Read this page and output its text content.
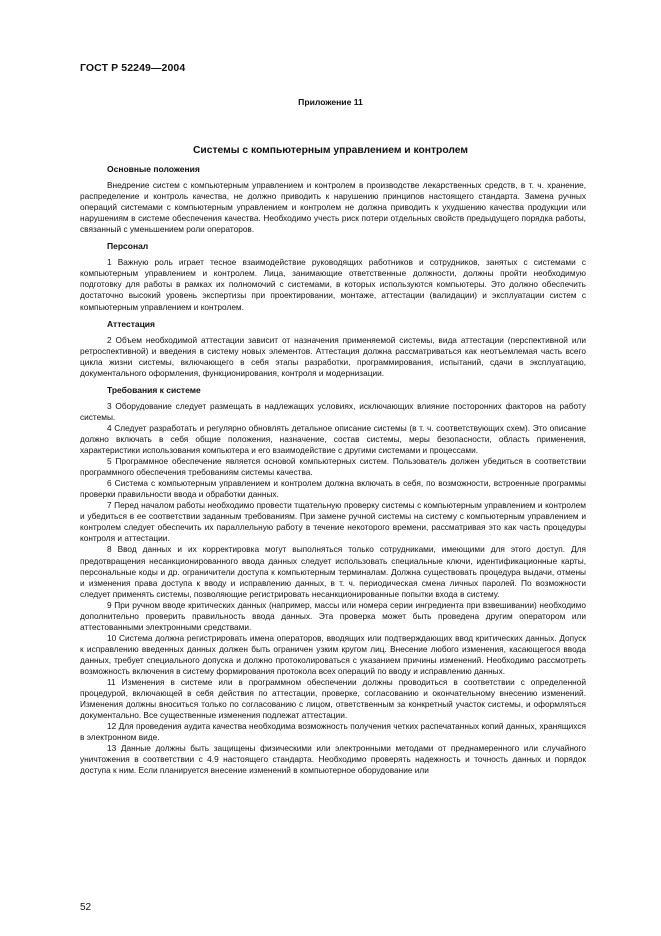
ГОСТ Р 52249—2004
Приложение 11
Системы с компьютерным управлением и контролем
Основные положения

Внедрение систем с компьютерным управлением и контролем в производстве лекарственных средств, в т. ч. хранение, распределение и контроль качества, не должно приводить к нарушению принципов настоящего стандарта. Замена ручных операций системами с компьютерным управлением и контролем не должна приводить к ухудшению качества продукции или нарушениям в системе обеспечения качества. Необходимо учесть риск потери отдельных свойств предыдущего порядка работы, связанный с уменьшением роли операторов.

Персонал

1 Важную роль играет тесное взаимодействие руководящих работников и сотрудников, занятых с системами с компьютерным управлением и контролем. Лица, занимающие ответственные должности, должны пройти необходимую подготовку для работы в рамках их полномочий с системами, в которых используются компьютеры. Это должно обеспечить достаточно высокий уровень экспертизы при проектировании, монтаже, аттестации (валидации) и эксплуатации систем с компьютерным управлением и контролем.

Аттестация

2 Объем необходимой аттестации зависит от назначения применяемой системы, вида аттестации (перспективной или ретроспективной) и введения в систему новых элементов. Аттестация должна рассматриваться как неотъемлемая часть всего цикла жизни системы, включающего в себя этапы разработки, программирования, испытаний, сдачи в эксплуатацию, документального оформления, функционирования, контроля и модернизации.

Требования к системе

3 Оборудование следует размещать в надлежащих условиях, исключающих влияние посторонних факторов на работу системы.

4 Следует разработать и регулярно обновлять детальное описание системы (в т. ч. соответствующих схем). Это описание должно включать в себя общие положения, назначение, состав системы, меры безопасности, область применения, характеристики использования компьютера и его взаимодействие с другими системами и процессами.

5 Программное обеспечение является основой компьютерных систем. Пользователь должен убедиться в соответствии программного обеспечения требованиям системы качества.

6 Система с компьютерным управлением и контролем должна включать в себя, по возможности, встроенные программы проверки правильности ввода и обработки данных.

7 Перед началом работы необходимо провести тщательную проверку системы с компьютерным управлением и контролем и убедиться в ее соответствии заданным требованиям. При замене ручной системы на систему с компьютерным управлением и контролем следует обеспечить их параллельную работу в течение некоторого времени, рассматривая это как часть процедуры контроля и аттестации.

8 Ввод данных и их корректировка могут выполняться только сотрудниками, имеющими для этого доступ. Для предотвращения несанкционированного ввода данных следует использовать специальные ключи, идентификационные карты, персональные коды и др. ограничители доступа к компьютерным терминалам. Должна существовать процедура выдачи, отмены и изменения права доступа к вводу и исправлению данных, в т. ч. периодическая смена личных паролей. По возможности следует применять системы, позволяющие регистрировать несанкционированные попытки входа в систему.

9 При ручном вводе критических данных (например, массы или номера серии ингредиента при взвешивании) необходимо дополнительно проверить правильность ввода данных. Эта проверка может быть проведена другим оператором или аттестованными электронными средствами.

10 Система должна регистрировать имена операторов, вводящих или подтверждающих ввод критических данных. Допуск к исправлению введенных данных должен быть ограничен узким кругом лиц. Внесение любого изменения, касающегося ввода данных, требует специального допуска и должно протоколироваться с указанием причины изменений. Необходимо рассмотреть возможность включения в систему формирования протокола всех операций по вводу и исправлению данных.

11 Изменения в системе или в программном обеспечении должны проводиться в соответствии с определенной процедурой, включающей в себя действия по аттестации, проверке, согласованию и окончательному внесению изменений. Изменения должны вноситься только по согласованию с лицом, ответственным за конкретный участок системы, и оформляться документально. Все существенные изменения подлежат аттестации.

12 Для проведения аудита качества необходима возможность получения четких распечатанных копий данных, хранящихся в электронном виде.

13 Данные должны быть защищены физическими или электронными методами от преднамеренного или случайного уничтожения в соответствии с 4.9 настоящего стандарта. Необходимо проверять надежность и точность данных и порядок доступа к ним. Если планируется внесение изменений в компьютерное оборудование или

52
